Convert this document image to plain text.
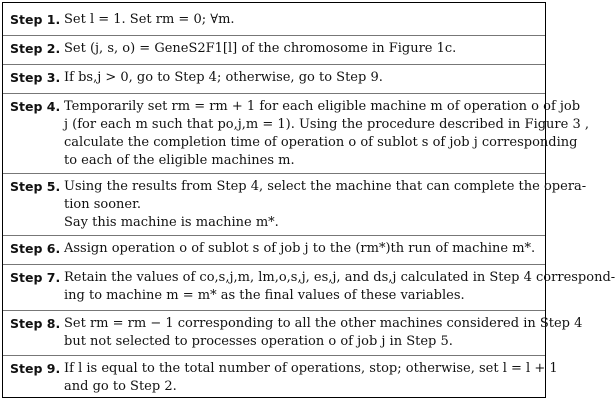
Step 1. Set l = 1. Set rm = 0; ∀m.
Step 2. Set (j, s, o) = GeneS2F1[l] of the chromosome in Figure 1c.
Step 3. If bs,j > 0, go to Step 4; otherwise, go to Step 9.
Step 4. Temporarily set rm = rm + 1 for each eligible machine m of operation o of job
j (for each m such that po,j,m = 1). Using the procedure described in Figure 3 ,
calculate the completion time of operation o of sublot s of job j corresponding
to each of the eligible machines m.
Step 5. Using the results from Step 4, select the machine that can complete the opera-
tion sooner.
Say this machine is machine m*.
Step 6. Assign operation o of sublot s of job j to the (rm*)th run of machine m*.
Step 7. Retain the values of co,s,j,m, lm,o,s,j, es,j, and ds,j calculated in Step 4 correspond-
ing to machine m = m* as the final values of these variables.
Step 8. Set rm = rm − 1 corresponding to all the other machines considered in Step 4
but not selected to processes operation o of job j in Step 5.
Step 9. If l is equal to the total number of operations, stop; otherwise, set l = l + 1
and go to Step 2.
